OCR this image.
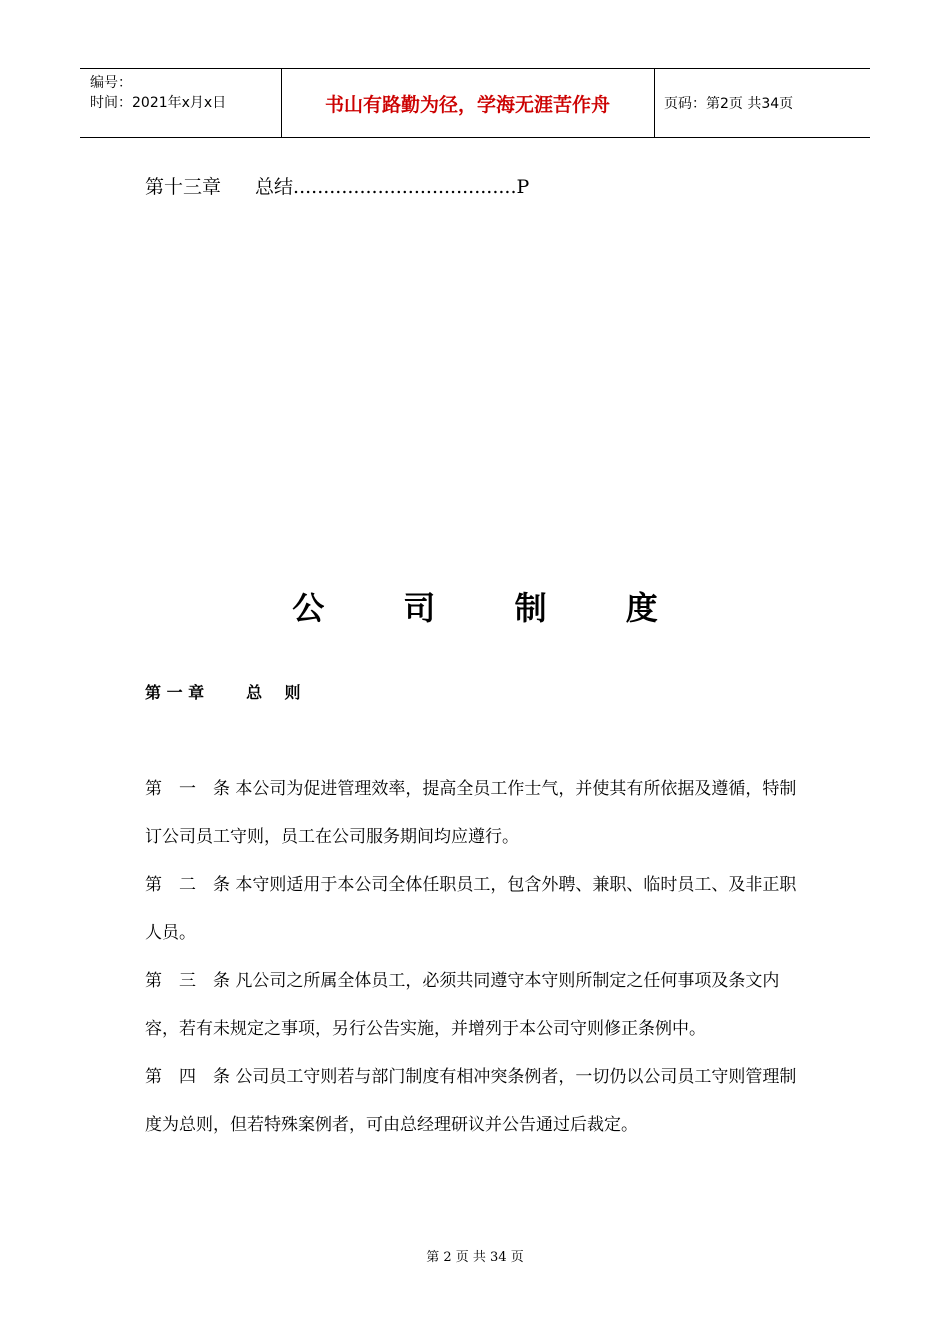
编号：
时间：2021年x月x日	书山有路勤为径，学海无涯苦作舟	页码：第2页 共34页
第十三章 总结.....................................P
公 司 制 度
第 一 章	总    则

第　一　条 本公司为促进管理效率，提高全员工作士气，并使其有所依据及遵循，特制订公司员工守则，员工在公司服务期间均应遵行。

第　二　条 本守则适用于本公司全体任职员工，包含外聘、兼职、临时员工、及非正职人员。

第　三　条 凡公司之所属全体员工，必须共同遵守本守则所制定之任何事项及条文内容，若有未规定之事项，另行公告实施，并增列于本公司守则修正条例中。

第　四　条 公司员工守则若与部门制度有相冲突条例者，一切仍以公司员工守则管理制度为总则，但若特殊案例者，可由总经理研议并公告通过后裁定。

第 2 页 共 34 页
